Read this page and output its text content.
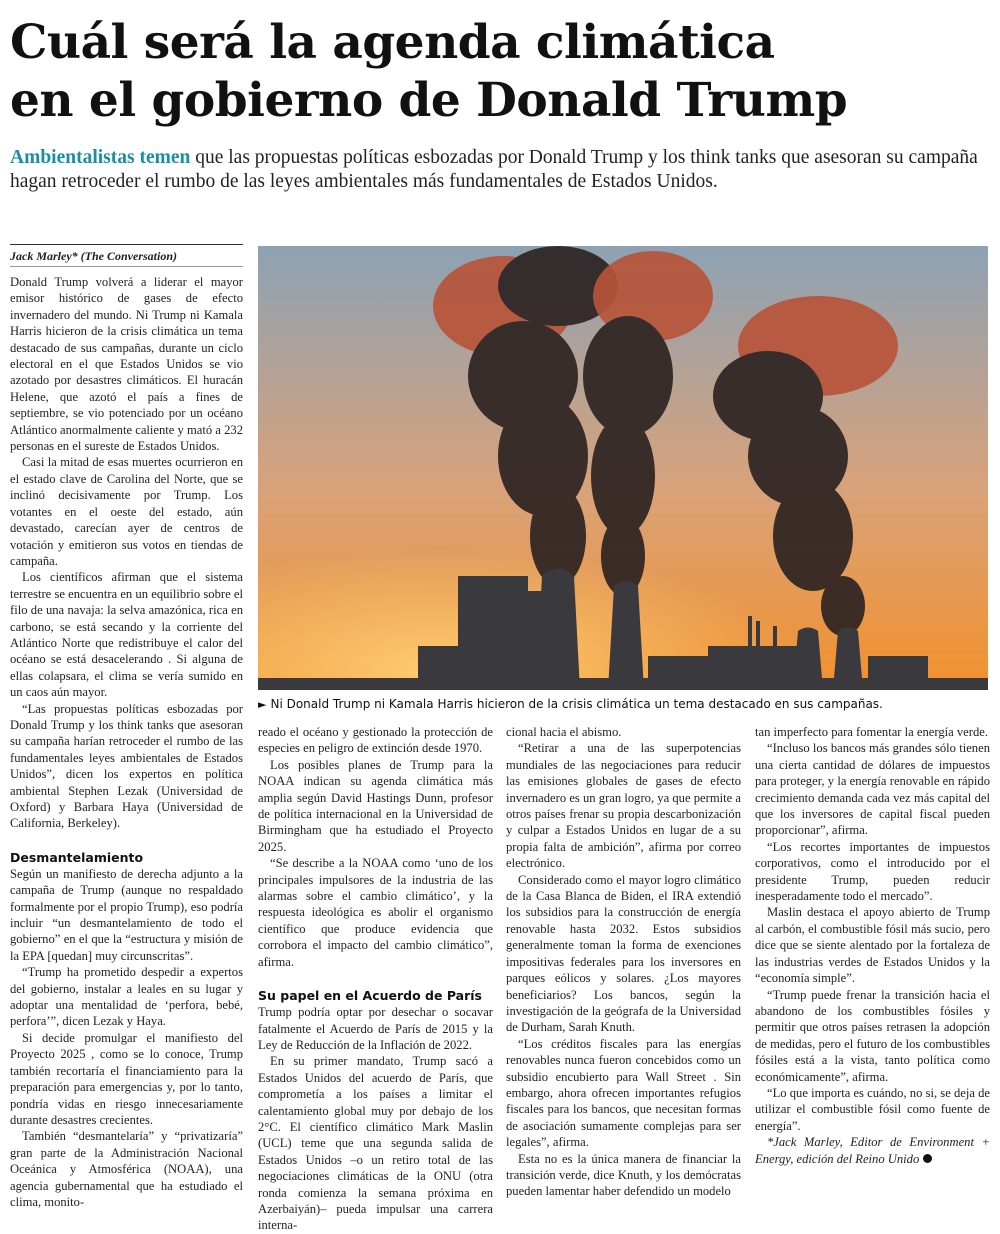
Cuál será la agenda climática
en el gobierno de Donald Trump
Ambientalistas temen que las propuestas políticas esbozadas por Donald Trump y los think tanks que asesoran su campaña hagan retroceder el rumbo de las leyes ambientales más fundamentales de Estados Unidos.
Jack Marley* (The Conversation)

Donald Trump volverá a liderar el mayor emisor histórico de gases de efecto invernadero del mundo. Ni Trump ni Kamala Harris hicieron de la crisis climática un tema destacado de sus campañas, durante un ciclo electoral en el que Estados Unidos se vio azotado por desastres climáticos. El huracán Helene, que azotó el país a fines de septiembre, se vio potenciado por un océano Atlántico anormalmente caliente y mató a 232 personas en el sureste de Estados Unidos.

Casi la mitad de esas muertes ocurrieron en el estado clave de Carolina del Norte, que se inclinó decisivamente por Trump. Los votantes en el oeste del estado, aún devastado, carecían ayer de centros de votación y emitieron sus votos en tiendas de campaña.

Los científicos afirman que el sistema terrestre se encuentra en un equilibrio sobre el filo de una navaja: la selva amazónica, rica en carbono, se está secando y la corriente del Atlántico Norte que redistribuye el calor del océano se está desacelerando . Si alguna de ellas colapsara, el clima se vería sumido en un caos aún mayor.

“Las propuestas políticas esbozadas por Donald Trump y los think tanks que asesoran su campaña harían retroceder el rumbo de las fundamentales leyes ambientales de Estados Unidos”, dicen los expertos en política ambiental Stephen Lezak (Universidad de Oxford) y Barbara Haya (Universidad de California, Berkeley).

Desmantelamiento

Según un manifiesto de derecha adjunto a la campaña de Trump (aunque no respaldado formalmente por el propio Trump), eso podría incluir “un desmantelamiento de todo el gobierno” en el que la “estructura y misión de la EPA [quedan] muy circunscritas”.

“Trump ha prometido despedir a expertos del gobierno, instalar a leales en su lugar y adoptar una mentalidad de ‘perfora, bebé, perfora’”, dicen Lezak y Haya.

Si decide promulgar el manifiesto del Proyecto 2025 , como se lo conoce, Trump también recortaría el financiamiento para la preparación para emergencias y, por lo tanto, pondría vidas en riesgo innecesariamente durante desastres crecientes.

También “desmantelaría” y “privatizaría” gran parte de la Administración Nacional Oceánica y Atmosférica (NOAA), una agencia gubernamental que ha estudiado el clima, monito-

► Ni Donald Trump ni Kamala Harris hicieron de la crisis climática un tema destacado en sus campañas.

reado el océano y gestionado la protección de especies en peligro de extinción desde 1970.

Los posibles planes de Trump para la NOAA indican su agenda climática más amplia según David Hastings Dunn, profesor de política internacional en la Universidad de Birmingham que ha estudiado el Proyecto 2025.

“Se describe a la NOAA como ‘uno de los principales impulsores de la industria de las alarmas sobre el cambio climático’, y la respuesta ideológica es abolir el organismo científico que produce evidencia que corrobora el impacto del cambio climático”, afirma.

Su papel en el Acuerdo de París

Trump podría optar por desechar o socavar fatalmente el Acuerdo de París de 2015 y la Ley de Reducción de la Inflación de 2022.

En su primer mandato, Trump sacó a Estados Unidos del acuerdo de París, que comprometía a los países a limitar el calentamiento global muy por debajo de los 2°C. El científico climático Mark Maslin (UCL) teme que una segunda salida de Estados Unidos –o un retiro total de las negociaciones climáticas de la ONU (otra ronda comienza la semana próxima en Azerbaiyán)– pueda impulsar una carrera interna-

cional hacia el abismo.

“Retirar a una de las superpotencias mundiales de las negociaciones para reducir las emisiones globales de gases de efecto invernadero es un gran logro, ya que permite a otros países frenar su propia descarbonización y culpar a Estados Unidos en lugar de a su propia falta de ambición”, afirma por correo electrónico.

Considerado como el mayor logro climático de la Casa Blanca de Biden, el IRA extendió los subsidios para la construcción de energía renovable hasta 2032. Estos subsidios generalmente toman la forma de exenciones impositivas federales para los inversores en parques eólicos y solares. ¿Los mayores beneficiarios? Los bancos, según la investigación de la geógrafa de la Universidad de Durham, Sarah Knuth.

“Los créditos fiscales para las energías renovables nunca fueron concebidos como un subsidio encubierto para Wall Street . Sin embargo, ahora ofrecen importantes refugios fiscales para los bancos, que necesitan formas de asociación sumamente complejas para ser legales”, afirma.

Esta no es la única manera de financiar la transición verde, dice Knuth, y los demócratas pueden lamentar haber defendido un modelo

tan imperfecto para fomentar la energía verde.

“Incluso los bancos más grandes sólo tienen una cierta cantidad de dólares de impuestos para proteger, y la energía renovable en rápido crecimiento demanda cada vez más capital del que los inversores de capital fiscal pueden proporcionar”, afirma.

“Los recortes importantes de impuestos corporativos, como el introducido por el presidente Trump, pueden reducir inesperadamente todo el mercado”.

Maslin destaca el apoyo abierto de Trump al carbón, el combustible fósil más sucio, pero dice que se siente alentado por la fortaleza de las industrias verdes de Estados Unidos y la “economía simple”.

“Trump puede frenar la transición hacia el abandono de los combustibles fósiles y permitir que otros países retrasen la adopción de medidas, pero el futuro de los combustibles fósiles está a la vista, tanto política como económicamente”, afirma.

“Lo que importa es cuándo, no si, se deja de utilizar el combustible fósil como fuente de energía”.

*Jack Marley, Editor de Environment + Energy, edición del Reino Unido
